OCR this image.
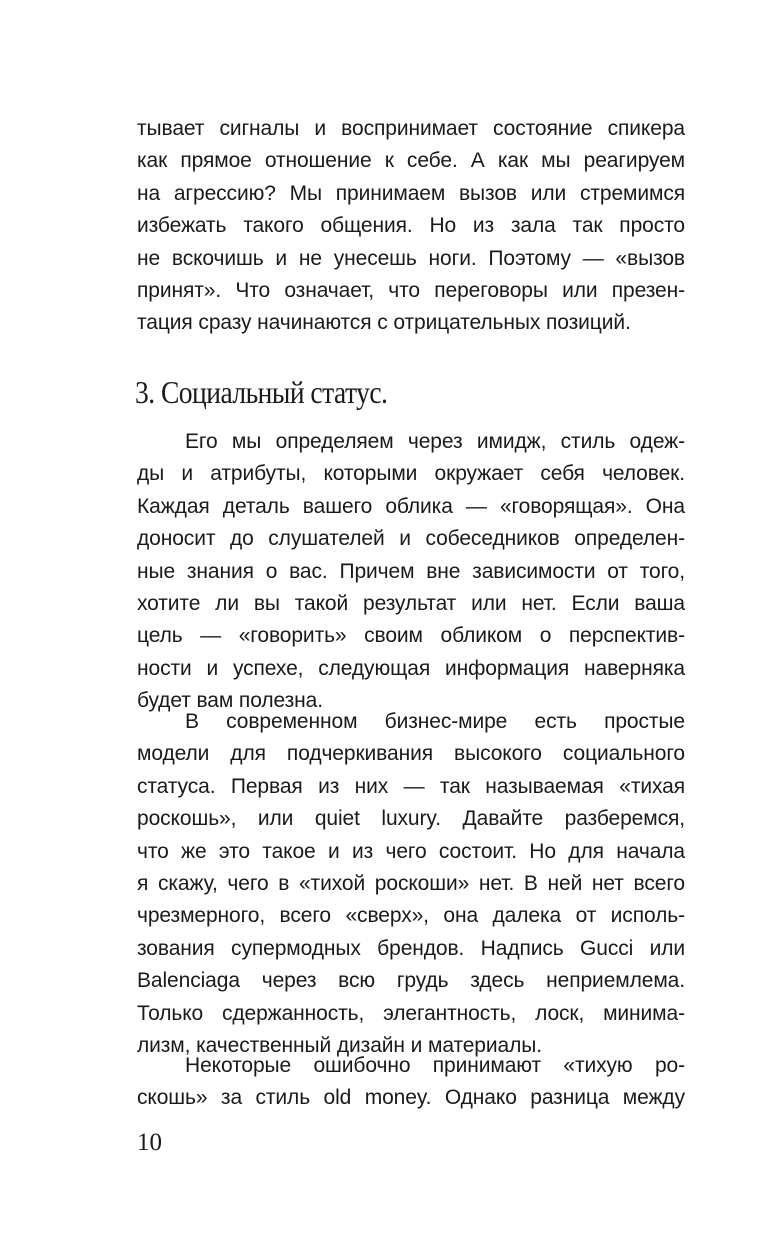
тывает сигналы и воспринимает состояние спикера
как прямое отношение к себе. А как мы реагируем
на агрессию? Мы принимаем вызов или стремимся
избежать такого общения. Но из зала так просто
не вскочишь и не унесешь ноги. Поэтому — «вызов
принят». Что означает, что переговоры или презен-
тация сразу начинаются с отрицательных позиций.
3. Социальный статус.
Его мы определяем через имидж, стиль одеж-
ды и атрибуты, которыми окружает себя человек.
Каждая деталь вашего облика — «говорящая». Она
доносит до слушателей и собеседников определен-
ные знания о вас. Причем вне зависимости от того,
хотите ли вы такой результат или нет. Если ваша
цель — «говорить» своим обликом о перспектив-
ности и успехе, следующая информация наверняка
будет вам полезна.
В современном бизнес-мире есть простые
модели для подчеркивания высокого социального
статуса. Первая из них — так называемая «тихая
роскошь», или quiet luxury. Давайте разберемся,
что же это такое и из чего состоит. Но для начала
я скажу, чего в «тихой роскоши» нет. В ней нет всего
чрезмерного, всего «сверх», она далека от исполь-
зования супермодных брендов. Надпись Gucci или
Balenciaga через всю грудь здесь неприемлема.
Только сдержанность, элегантность, лоск, минима-
лизм, качественный дизайн и материалы.
Некоторые ошибочно принимают «тихую ро-
скошь» за стиль old money. Однако разница между
10
